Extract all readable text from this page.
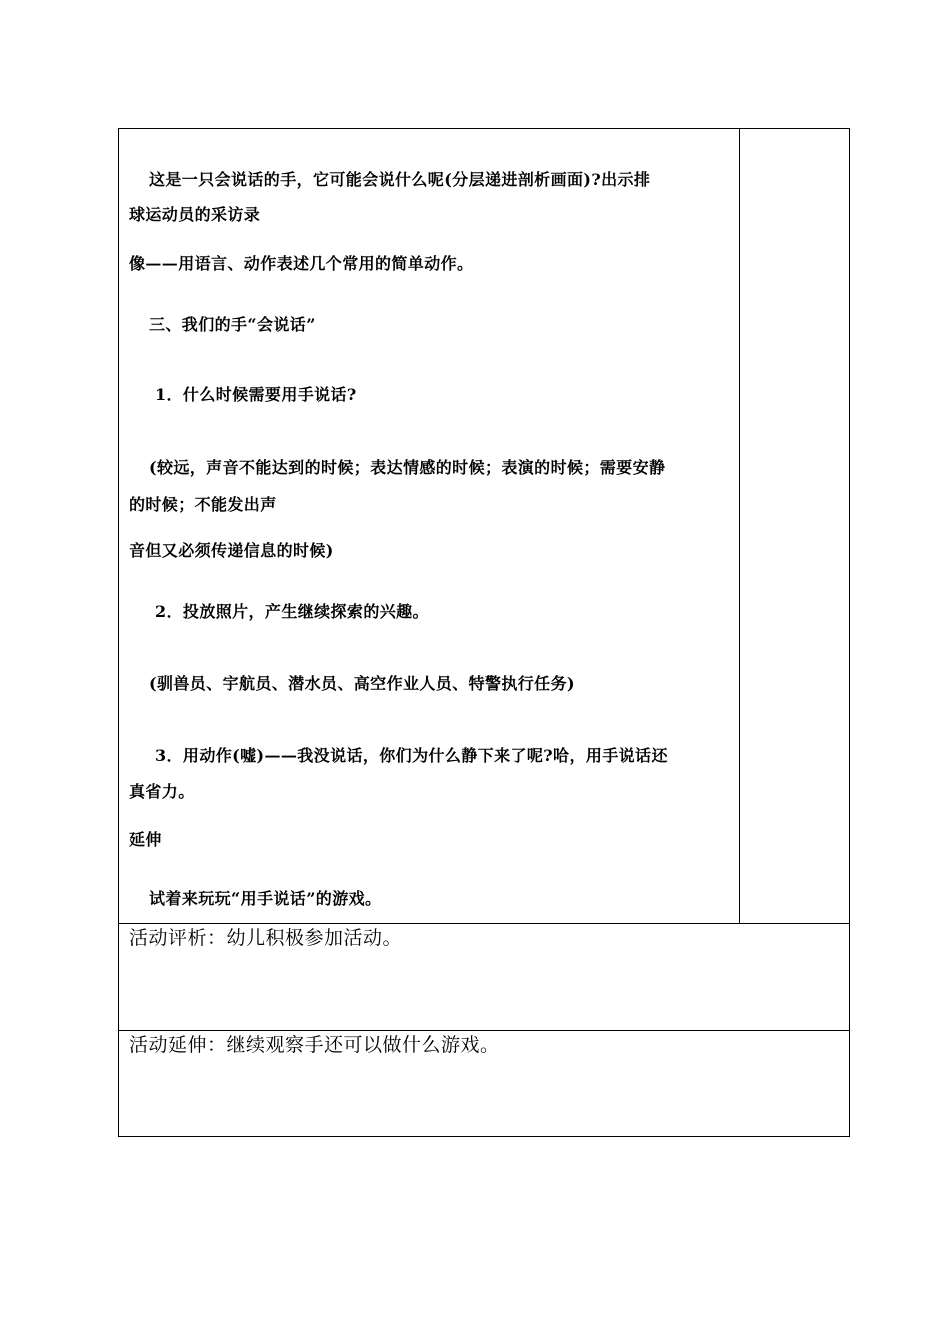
这是一只会说话的手，它可能会说什么呢(分层递进剖析画面)?出示排
球运动员的采访录
像——用语言、动作表述几个常用的简单动作。
三、我们的手“会说话”
1．什么时候需要用手说话?
(较远，声音不能达到的时候；表达情感的时候；表演的时候；需要安静
的时候；不能发出声
音但又必须传递信息的时候)
2．投放照片，产生继续探索的兴趣。
(驯兽员、宇航员、潜水员、高空作业人员、特警执行任务)
3．用动作(嘘)——我没说话，你们为什么静下来了呢?哈，用手说话还
真省力。
延伸
试着来玩玩“用手说话”的游戏。
活动评析：幼儿积极参加活动。
活动延伸：继续观察手还可以做什么游戏。
